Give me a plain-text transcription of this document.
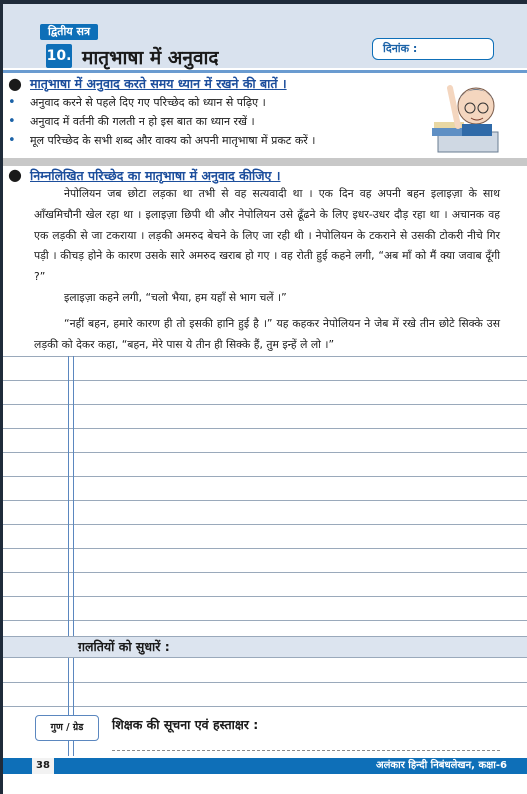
द्वितीय सत्र
10. मातृभाषा में अनुवाद	दिनांक :
● मातृभाषा में अनुवाद करते समय ध्यान में रखने की बातें ।
• अनुवाद करने से पहले दिए गए परिच्छेद को ध्यान से पढ़िए ।
• अनुवाद में वर्तनी की गलती न हो इस बात का ध्यान रखें ।
• मूल परिच्छेद के सभी शब्द और वाक्य को अपनी मातृभाषा में प्रकट करें ।
● निम्नलिखित परिच्छेद का मातृभाषा में अनुवाद कीजिए ।

नेपोलियन जब छोटा लड़का था तभी से वह सत्यवादी था । एक दिन वह अपनी बहन इलाइज़ा के साथ आँखमिचौनी खेल रहा था । इलाइज़ा छिपी थी और नेपोलियन उसे ढूँढने के लिए इधर-उधर दौड़ रहा था । अचानक वह एक लड़की से जा टकराया । लड़की अमरुद बेचने के लिए जा रही थी । नेपोलियन के टकराने से उसकी टोकरी नीचे गिर पड़ी । कीचड़ होने के कारण उसके सारे अमरुद खराब हो गए । वह रोती हुई कहने लगी, “अब माँ को मैं क्या जवाब दूँगी ?”

इलाइज़ा कहने लगी, “चलो भैया, हम यहाँ से भाग चलें ।”

“नहीं बहन, हमारे कारण ही तो इसकी हानि हुई है ।” यह कहकर नेपोलियन ने जेब में रखे तीन छोटे सिक्के उस लड़की को देकर कहा, “बहन, मेरे पास ये तीन ही सिक्के हैं, तुम इन्हें ले लो ।”

ग़लतियों को सुधारें :
गुण / ग्रेड	शिक्षक की सूचना एवं हस्ताक्षर :
38	अलंकार हिन्दी निबंधलेखन, कक्षा-6
